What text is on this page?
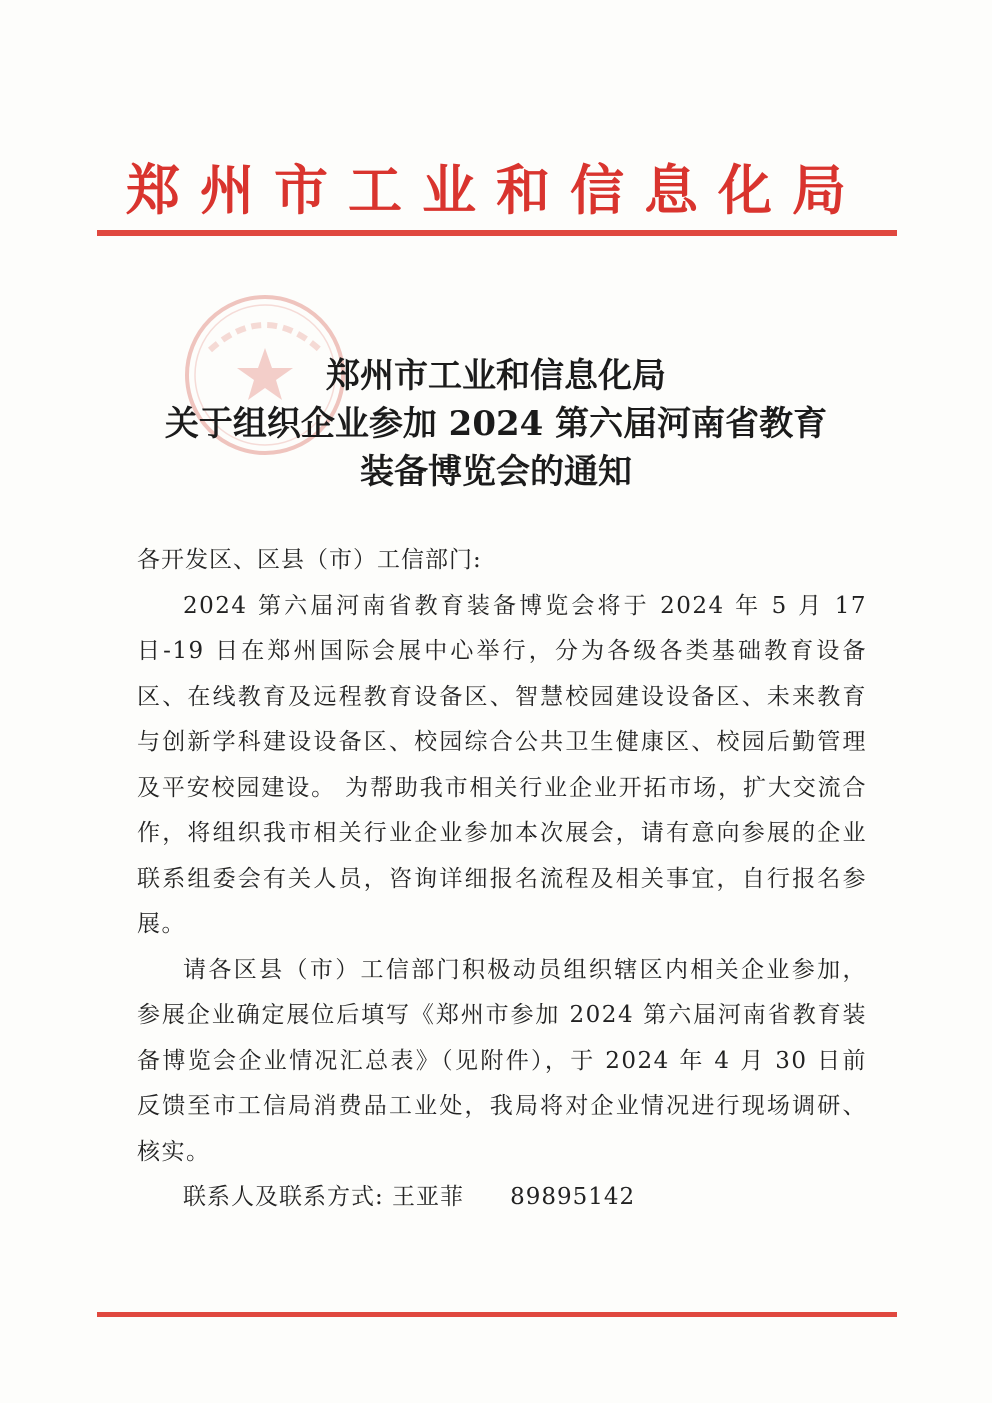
郑州市工业和信息化局
郑州市工业和信息化局
关于组织企业参加 2024 第六届河南省教育
装备博览会的通知
各开发区、区县（市）工信部门:
2024 第六届河南省教育装备博览会将于 2024 年 5 月 17 日-19 日在郑州国际会展中心举行，分为各级各类基础教育设备区、在线教育及远程教育设备区、智慧校园建设设备区、未来教育与创新学科建设设备区、校园综合公共卫生健康区、校园后勤管理及平安校园建设。 为帮助我市相关行业企业开拓市场，扩大交流合作，将组织我市相关行业企业参加本次展会，请有意向参展的企业联系组委会有关人员，咨询详细报名流程及相关事宜，自行报名参展。
请各区县（市）工信部门积极动员组织辖区内相关企业参加，参展企业确定展位后填写《郑州市参加 2024 第六届河南省教育装备博览会企业情况汇总表》（见附件），于 2024 年 4 月 30 日前反馈至市工信局消费品工业处，我局将对企业情况进行现场调研、核实。
联系人及联系方式: 王亚菲 89895142
